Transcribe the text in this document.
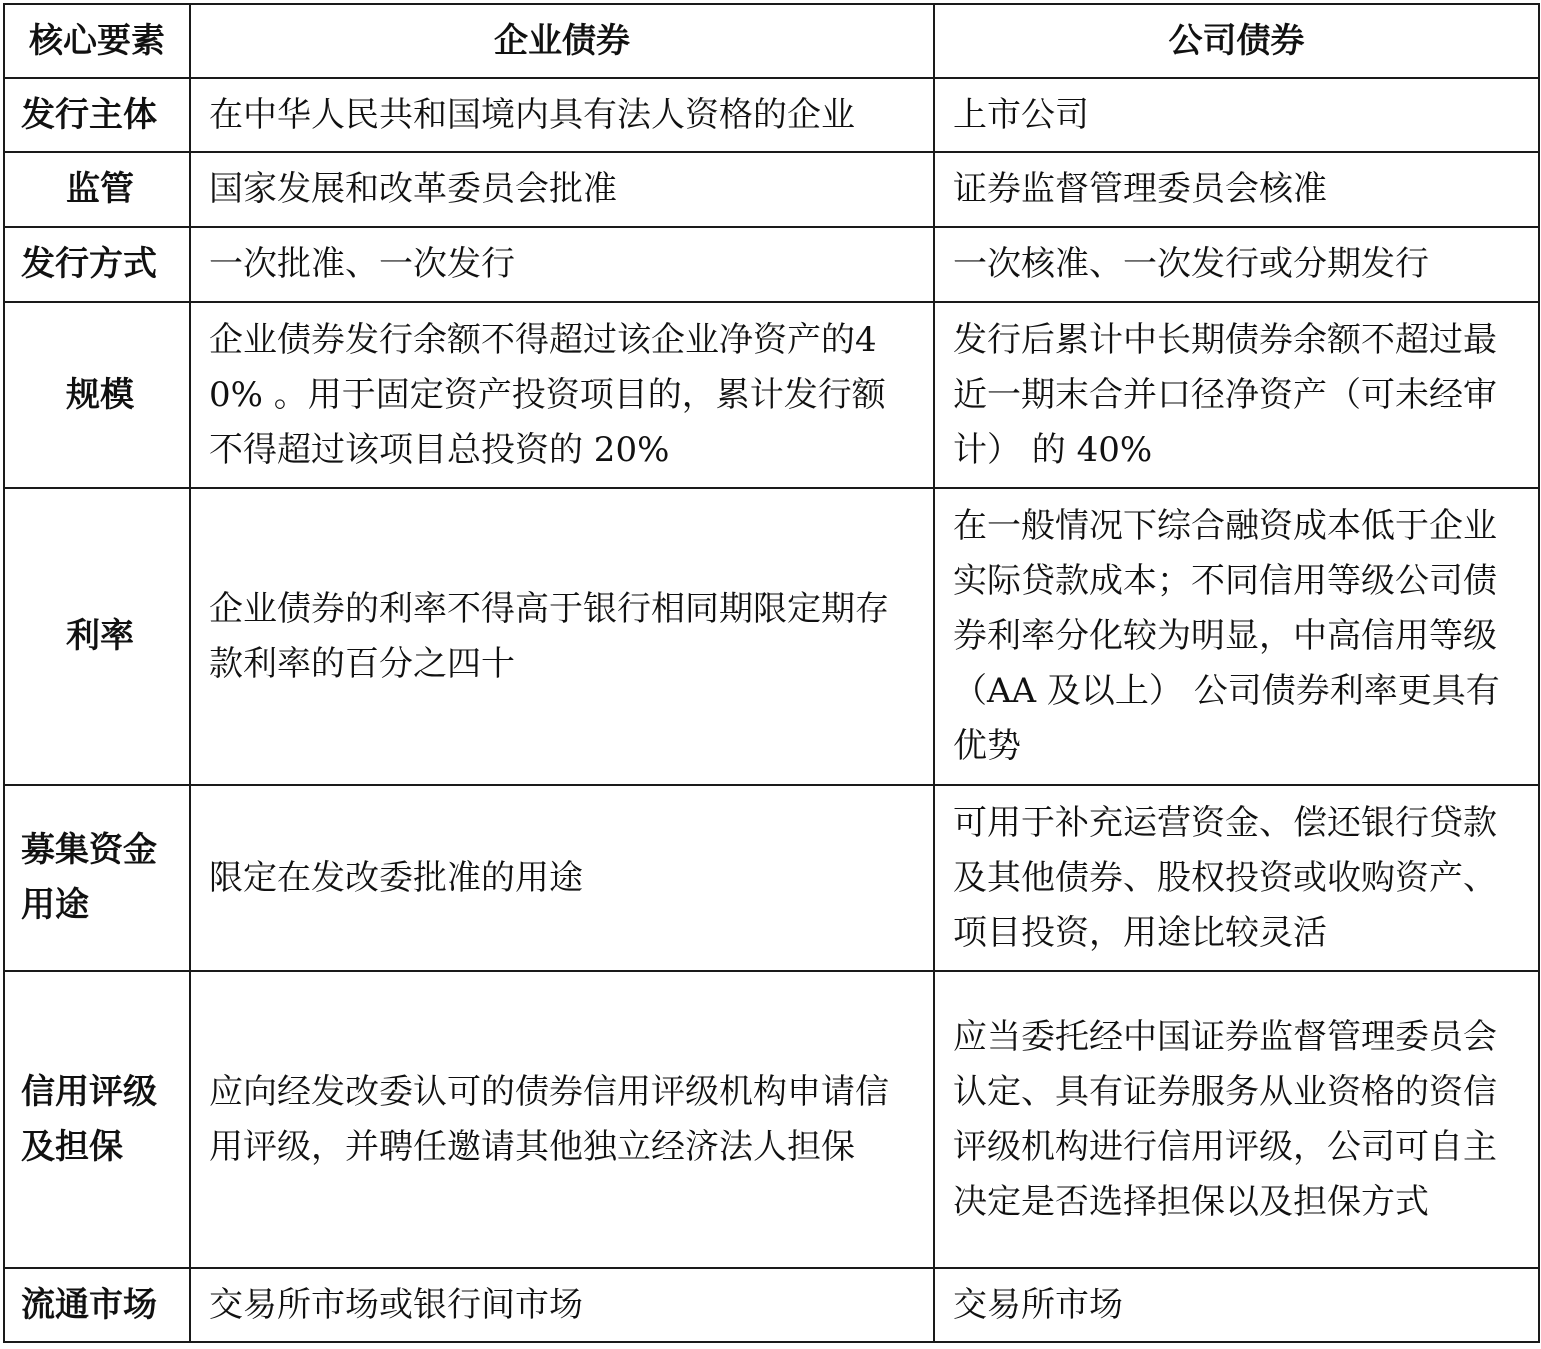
核心要素	企业债券	公司债券
发行主体	在中华人民共和国境内具有法人资格的企业	上市公司
监管	国家发展和改革委员会批准	证券监督管理委员会核准
发行方式	一次批准、一次发行	一次核准、一次发行或分期发行
规模	企业债券发行余额不得超过该企业净资产的40% 。用于固定资产投资项目的，累计发行额不得超过该项目总投资的 20%	发行后累计中长期债券余额不超过最近一期末合并口径净资产（可未经审计） 的 40%
利率	企业债券的利率不得高于银行相同期限定期存款利率的百分之四十	在一般情况下综合融资成本低于企业实际贷款成本；不同信用等级公司债券利率分化较为明显，中高信用等级（AA 及以上） 公司债券利率更具有优势
募集资金用途	限定在发改委批准的用途	可用于补充运营资金、偿还银行贷款及其他债券、股权投资或收购资产、项目投资，用途比较灵活
信用评级及担保	应向经发改委认可的债券信用评级机构申请信用评级，并聘任邀请其他独立经济法人担保	应当委托经中国证券监督管理委员会认定、具有证券服务从业资格的资信评级机构进行信用评级，公司可自主决定是否选择担保以及担保方式
流通市场	交易所市场或银行间市场	交易所市场
